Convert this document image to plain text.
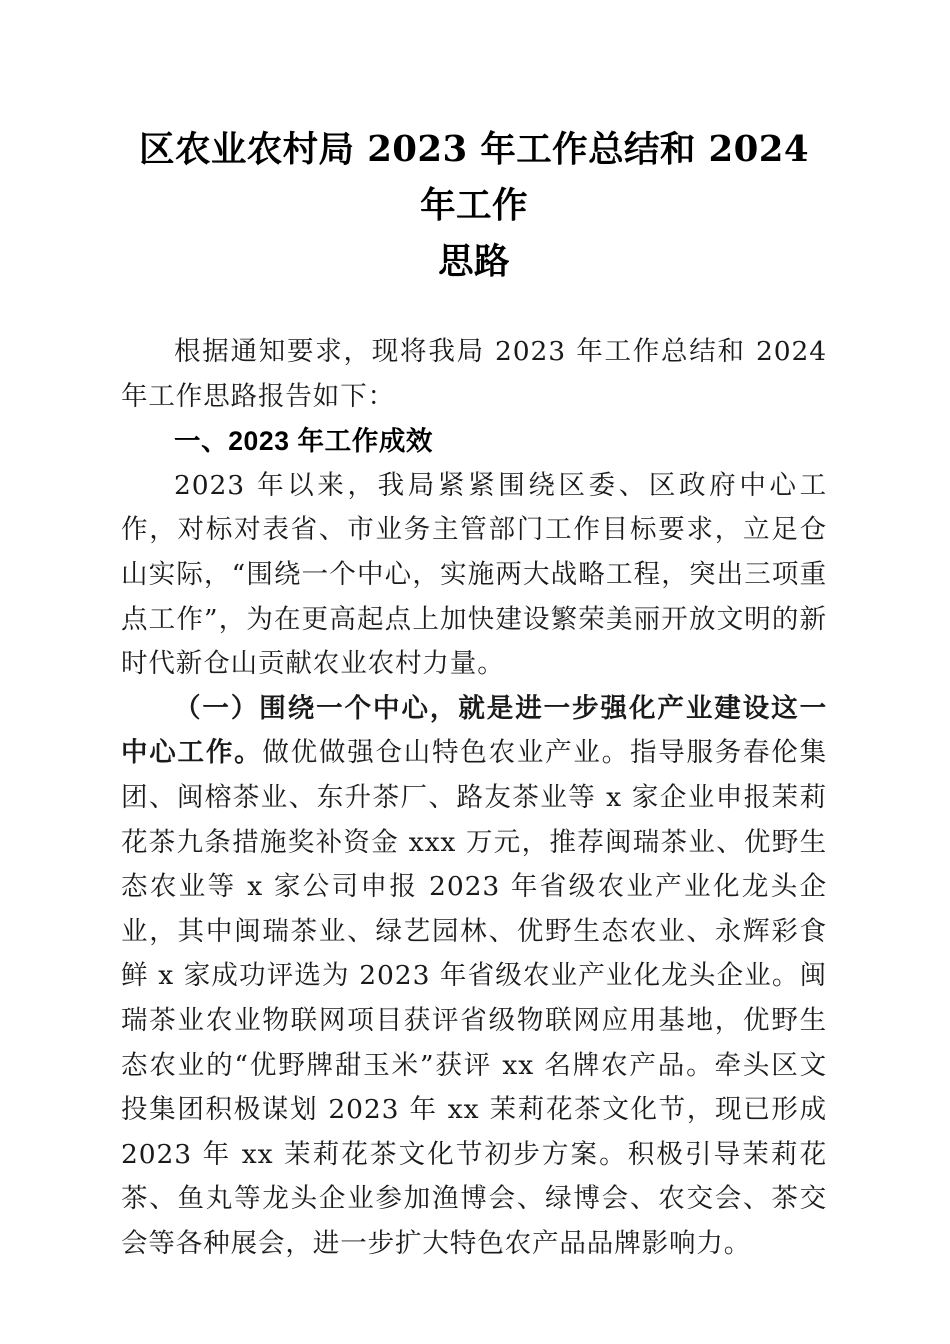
区农业农村局 2023 年工作总结和 2024 年工作
思路

根据通知要求，现将我局 2023 年工作总结和 2024 年工作思路报告如下：

一、2023 年工作成效

2023 年以来，我局紧紧围绕区委、区政府中心工作，对标对表省、市业务主管部门工作目标要求，立足仓山实际，“围绕一个中心，实施两大战略工程，突出三项重点工作”，为在更高起点上加快建设繁荣美丽开放文明的新时代新仓山贡献农业农村力量。

（一）围绕一个中心，就是进一步强化产业建设这一中心工作。做优做强仓山特色农业产业。指导服务春伦集团、闽榕茶业、东升茶厂、路友茶业等 x 家企业申报茉莉花茶九条措施奖补资金 xxx 万元，推荐闽瑞茶业、优野生态农业等 x 家公司申报 2023 年省级农业产业化龙头企业，其中闽瑞茶业、绿艺园林、优野生态农业、永辉彩食鲜 x 家成功评选为 2023 年省级农业产业化龙头企业。闽瑞茶业农业物联网项目获评省级物联网应用基地，优野生态农业的“优野牌甜玉米”获评 xx 名牌农产品。牵头区文投集团积极谋划 2023 年 xx 茉莉花茶文化节，现已形成 2023 年 xx 茉莉花茶文化节初步方案。积极引导茉莉花茶、鱼丸等龙头企业参加渔博会、绿博会、农交会、茶交会等各种展会，进一步扩大特色农产品品牌影响力。
